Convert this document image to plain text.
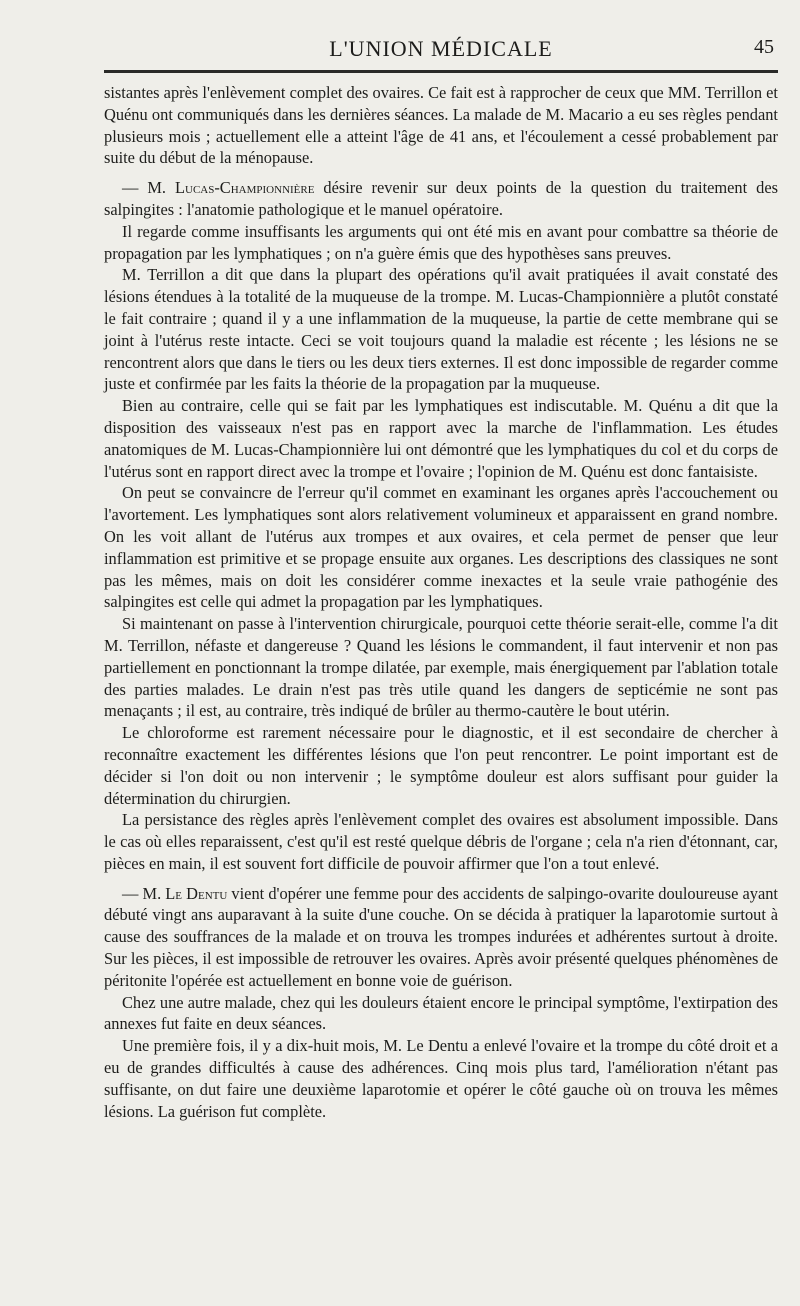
L'UNION MÉDICALE	45

sistantes après l'enlèvement complet des ovaires. Ce fait est à rapprocher de ceux que MM. Terrillon et Quénu ont communiqués dans les dernières séances. La malade de M. Macario a eu ses règles pendant plusieurs mois ; actuellement elle a atteint l'âge de 41 ans, et l'écoulement a cessé probablement par suite du début de la ménopause.

— M. Lucas-Championnière désire revenir sur deux points de la question du traitement des salpingites : l'anatomie pathologique et le manuel opératoire.

Il regarde comme insuffisants les arguments qui ont été mis en avant pour combattre sa théorie de propagation par les lymphatiques ; on n'a guère émis que des hypothèses sans preuves.

M. Terrillon a dit que dans la plupart des opérations qu'il avait pratiquées il avait constaté des lésions étendues à la totalité de la muqueuse de la trompe. M. Lucas-Championnière a plutôt constaté le fait contraire ; quand il y a une inflammation de la muqueuse, la partie de cette membrane qui se joint à l'utérus reste intacte. Ceci se voit toujours quand la maladie est récente ; les lésions ne se rencontrent alors que dans le tiers ou les deux tiers externes. Il est donc impossible de regarder comme juste et confirmée par les faits la théorie de la propagation par la muqueuse.

Bien au contraire, celle qui se fait par les lymphatiques est indiscutable. M. Quénu a dit que la disposition des vaisseaux n'est pas en rapport avec la marche de l'inflammation. Les études anatomiques de M. Lucas-Championnière lui ont démontré que les lymphatiques du col et du corps de l'utérus sont en rapport direct avec la trompe et l'ovaire ; l'opinion de M. Quénu est donc fantaisiste.

On peut se convaincre de l'erreur qu'il commet en examinant les organes après l'accouchement ou l'avortement. Les lymphatiques sont alors relativement volumineux et apparaissent en grand nombre. On les voit allant de l'utérus aux trompes et aux ovaires, et cela permet de penser que leur inflammation est primitive et se propage ensuite aux organes. Les descriptions des classiques ne sont pas les mêmes, mais on doit les considérer comme inexactes et la seule vraie pathogénie des salpingites est celle qui admet la propagation par les lymphatiques.

Si maintenant on passe à l'intervention chirurgicale, pourquoi cette théorie serait-elle, comme l'a dit M. Terrillon, néfaste et dangereuse ? Quand les lésions le commandent, il faut intervenir et non pas partiellement en ponctionnant la trompe dilatée, par exemple, mais énergiquement par l'ablation totale des parties malades. Le drain n'est pas très utile quand les dangers de septicémie ne sont pas menaçants ; il est, au contraire, très indiqué de brûler au thermo-cautère le bout utérin.

Le chloroforme est rarement nécessaire pour le diagnostic, et il est secondaire de chercher à reconnaître exactement les différentes lésions que l'on peut rencontrer. Le point important est de décider si l'on doit ou non intervenir ; le symptôme douleur est alors suffisant pour guider la détermination du chirurgien.

La persistance des règles après l'enlèvement complet des ovaires est absolument impossible. Dans le cas où elles reparaissent, c'est qu'il est resté quelque débris de l'organe ; cela n'a rien d'étonnant, car, pièces en main, il est souvent fort difficile de pouvoir affirmer que l'on a tout enlevé.

— M. Le Dentu vient d'opérer une femme pour des accidents de salpingo-ovarite douloureuse ayant débuté vingt ans auparavant à la suite d'une couche. On se décida à pratiquer la laparotomie surtout à cause des souffrances de la malade et on trouva les trompes indurées et adhérentes surtout à droite. Sur les pièces, il est impossible de retrouver les ovaires. Après avoir présenté quelques phénomènes de péritonite l'opérée est actuellement en bonne voie de guérison.

Chez une autre malade, chez qui les douleurs étaient encore le principal symptôme, l'extirpation des annexes fut faite en deux séances.

Une première fois, il y a dix-huit mois, M. Le Dentu a enlevé l'ovaire et la trompe du côté droit et a eu de grandes difficultés à cause des adhérences. Cinq mois plus tard, l'amélioration n'étant pas suffisante, on dut faire une deuxième laparotomie et opérer le côté gauche où on trouva les mêmes lésions. La guérison fut complète.
